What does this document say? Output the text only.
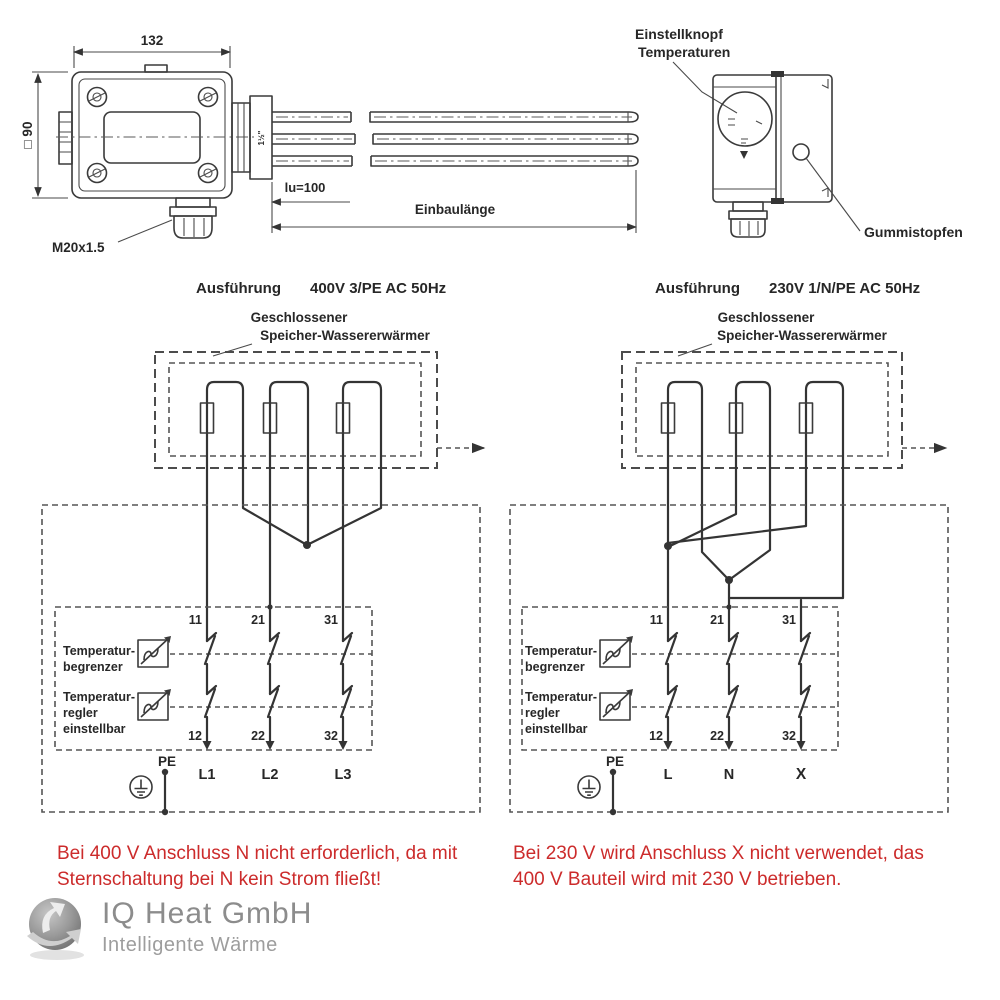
132
□ 90
M20x1.5
1½"
lu=100
Einbaulänge
Einstellknopf
Temperaturen
Gummistopfen
Ausführung 400V 3/PE AC 50Hz
Geschlossener
Speicher-Wassererwärmer
Temperatur-
begrenzer
Temperatur-
regler
einstellbar
11	21	31
12	22	32
PE
L1	L2	L3
Ausführung 230V 1/N/PE AC 50Hz
Geschlossener
Speicher-Wassererwärmer
Temperatur-
begrenzer
Temperatur-
regler
einstellbar
11	21	31
12	22	32
PE
L	N	X
Bei 400 V Anschluss N nicht erforderlich, da mit
Sternschaltung bei N kein Strom fließt!
Bei 230 V wird Anschluss X nicht verwendet, das
400 V Bauteil wird mit 230 V betrieben.
IQ Heat GmbH
Intelligente Wärme
